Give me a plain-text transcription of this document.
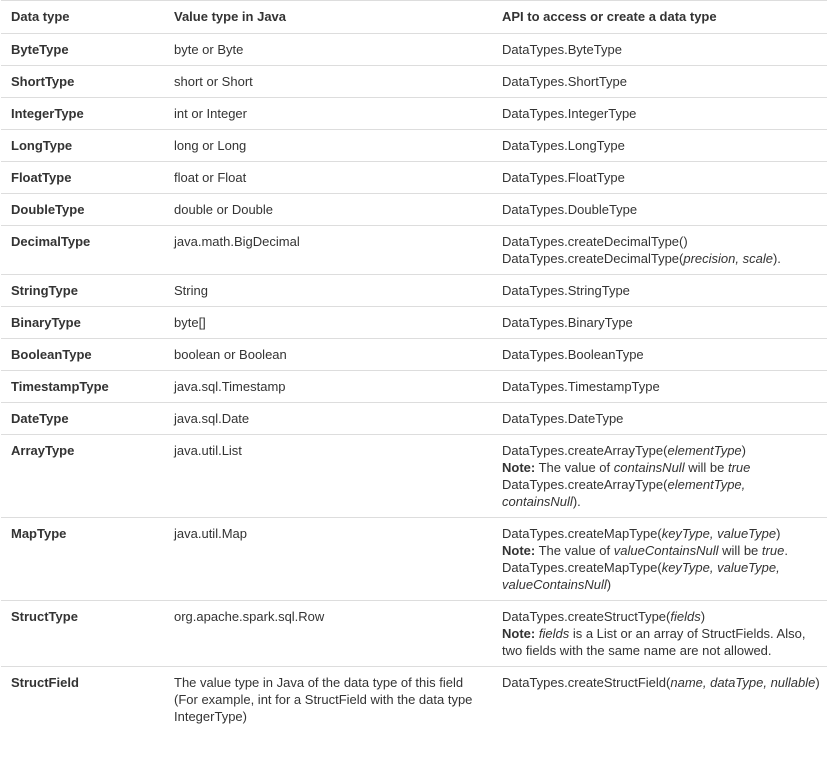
Data type	Value type in Java	API to access or create a data type
ByteType	byte or Byte	DataTypes.ByteType
ShortType	short or Short	DataTypes.ShortType
IntegerType	int or Integer	DataTypes.IntegerType
LongType	long or Long	DataTypes.LongType
FloatType	float or Float	DataTypes.FloatType
DoubleType	double or Double	DataTypes.DoubleType
DecimalType	java.math.BigDecimal	DataTypes.createDecimalType()
DataTypes.createDecimalType(precision, scale).

StringType	String	DataTypes.StringType
BinaryType	byte[]	DataTypes.BinaryType
BooleanType	boolean or Boolean	DataTypes.BooleanType
TimestampType	java.sql.Timestamp	DataTypes.TimestampType
DateType	java.sql.Date	DataTypes.DateType
ArrayType	java.util.List	DataTypes.createArrayType(elementType)
Note: The value of containsNull will be true
DataTypes.createArrayType(elementType, containsNull).

MapType	java.util.Map	DataTypes.createMapType(keyType, valueType)
Note: The value of valueContainsNull will be true.
DataTypes.createMapType(keyType, valueType, valueContainsNull)

StructType	org.apache.spark.sql.Row	DataTypes.createStructType(fields)
Note: fields is a List or an array of StructFields. Also, two fields with the same name are not allowed.

StructField	The value type in Java of the data type of this field (For example, int for a StructField with the data type IntegerType)	DataTypes.createStructField(name, dataType, nullable)
